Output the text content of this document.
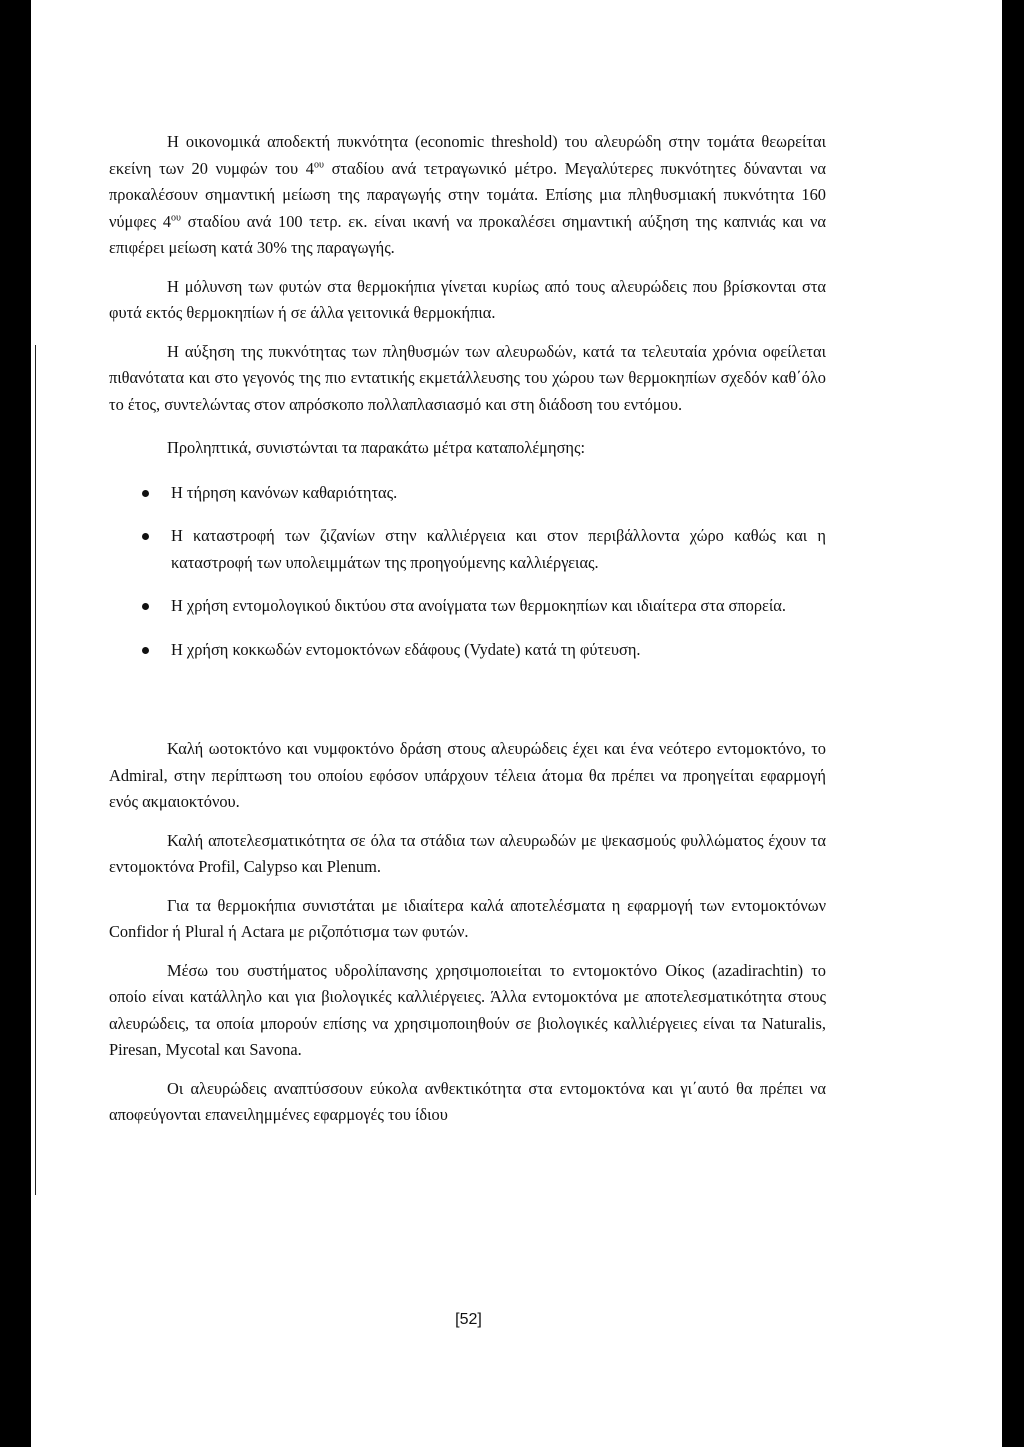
Η οικονομικά αποδεκτή πυκνότητα (economic threshold) του αλευρώδη στην τομάτα θεωρείται εκείνη των 20 νυμφών του $4^{o\upsilon}$ σταδίου ανά τετραγωνικό μέτρο. Μεγαλύτερες πυκνότητες δύνανται να προκαλέσουν σημαντική μείωση της παραγωγής στην τομάτα. Επίσης μια πληθυσμιακή πυκνότητα 160 νύμφες $4^{o\upsilon}$ σταδίου ανά 100 τετρ. εκ. είναι ικανή να προκαλέσει σημαντική αύξηση της καπνιάς και να επιφέρει μείωση κατά 30% της παραγωγής.

Η μόλυνση των φυτών στα θερμοκήπια γίνεται κυρίως από τους αλευρώδεις που βρίσκονται στα φυτά εκτός θερμοκηπίων ή σε άλλα γειτονικά θερμοκήπια.

Η αύξηση της πυκνότητας των πληθυσμών των αλευρωδών, κατά τα τελευταία χρόνια οφείλεται πιθανότατα και στο γεγονός της πιο εντατικής εκμετάλλευσης του χώρου των θερμοκηπίων σχεδόν καθ΄όλο το έτος, συντελώντας στον απρόσκοπο πολλαπλασιασμό και στη διάδοση του εντόμου.

Προληπτικά, συνιστώνται τα παρακάτω μέτρα καταπολέμησης:

Η τήρηση κανόνων καθαριότητας.
Η καταστροφή των ζιζανίων στην καλλιέργεια και στον περιβάλλοντα χώρο καθώς και η καταστροφή των υπολειμμάτων της προηγούμενης καλλιέργειας.
Η χρήση εντομολογικού δικτύου στα ανοίγματα των θερμοκηπίων και ιδιαίτερα στα σπορεία.
Η χρήση κοκκωδών εντομοκτόνων εδάφους (Vydate) κατά τη φύτευση.

Καλή ωοτοκτόνο και νυμφοκτόνο δράση στους αλευρώδεις έχει και ένα νεότερο εντομοκτόνο, το Admiral, στην περίπτωση του οποίου εφόσον υπάρχουν τέλεια άτομα θα πρέπει να προηγείται εφαρμογή ενός ακμαιοκτόνου.

Καλή αποτελεσματικότητα σε όλα τα στάδια των αλευρωδών με ψεκασμούς φυλλώματος έχουν τα εντομοκτόνα Profil, Calypso και Plenum.

Για τα θερμοκήπια συνιστάται με ιδιαίτερα καλά αποτελέσματα η εφαρμογή των εντομοκτόνων Confidor ή Plural ή Actara με ριζοπότισμα των φυτών.

Μέσω του συστήματος υδρολίπανσης χρησιμοποιείται το εντομοκτόνο Οίκος (azadirachtin) το οποίο είναι κατάλληλο και για βιολογικές καλλιέργειες. Άλλα εντομοκτόνα με αποτελεσματικότητα στους αλευρώδεις, τα οποία μπορούν επίσης να χρησιμοποιηθούν σε βιολογικές καλλιέργειες είναι τα Naturalis, Piresan, Mycotal και Savona.

Οι αλευρώδεις αναπτύσσουν εύκολα ανθεκτικότητα στα εντομοκτόνα και γι΄αυτό θα πρέπει να αποφεύγονται επανειλημμένες εφαρμογές του ίδιου

[52]
